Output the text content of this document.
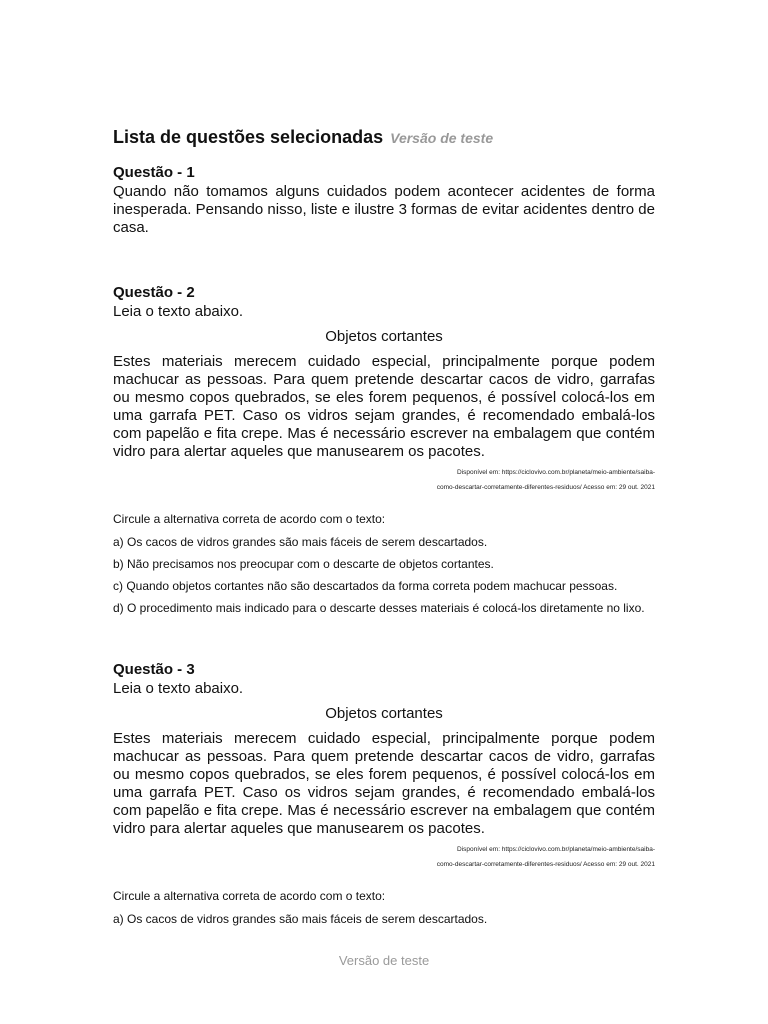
Lista de questões selecionadas Versão de teste
Questão - 1
Quando não tomamos alguns cuidados podem acontecer acidentes de forma inesperada. Pensando nisso, liste e ilustre 3 formas de evitar acidentes dentro de casa.
Questão - 2
Leia o texto abaixo.
Objetos cortantes
Estes materiais merecem cuidado especial, principalmente porque podem machucar as pessoas. Para quem pretende descartar cacos de vidro, garrafas ou mesmo copos quebrados, se eles forem pequenos, é possível colocá-los em uma garrafa PET. Caso os vidros sejam grandes, é recomendado embalá-los com papelão e fita crepe. Mas é necessário escrever na embalagem que contém vidro para alertar aqueles que manusearem os pacotes.
Disponível em: https://ciclovivo.com.br/planeta/meio-ambiente/saiba-
como-descartar-corretamente-diferentes-residuos/ Acesso em: 29 out. 2021
Circule a alternativa correta de acordo com o texto:
a) Os cacos de vidros grandes são mais fáceis de serem descartados.
b) Não precisamos nos preocupar com o descarte de objetos cortantes.
c) Quando objetos cortantes não são descartados da forma correta podem machucar pessoas.
d) O procedimento mais indicado para o descarte desses materiais é colocá-los diretamente no lixo.
Questão - 3
Leia o texto abaixo.
Objetos cortantes
Estes materiais merecem cuidado especial, principalmente porque podem machucar as pessoas. Para quem pretende descartar cacos de vidro, garrafas ou mesmo copos quebrados, se eles forem pequenos, é possível colocá-los em uma garrafa PET. Caso os vidros sejam grandes, é recomendado embalá-los com papelão e fita crepe. Mas é necessário escrever na embalagem que contém vidro para alertar aqueles que manusearem os pacotes.
Disponível em: https://ciclovivo.com.br/planeta/meio-ambiente/saiba-
como-descartar-corretamente-diferentes-residuos/ Acesso em: 29 out. 2021
Circule a alternativa correta de acordo com o texto:
a) Os cacos de vidros grandes são mais fáceis de serem descartados.
Versão de teste
